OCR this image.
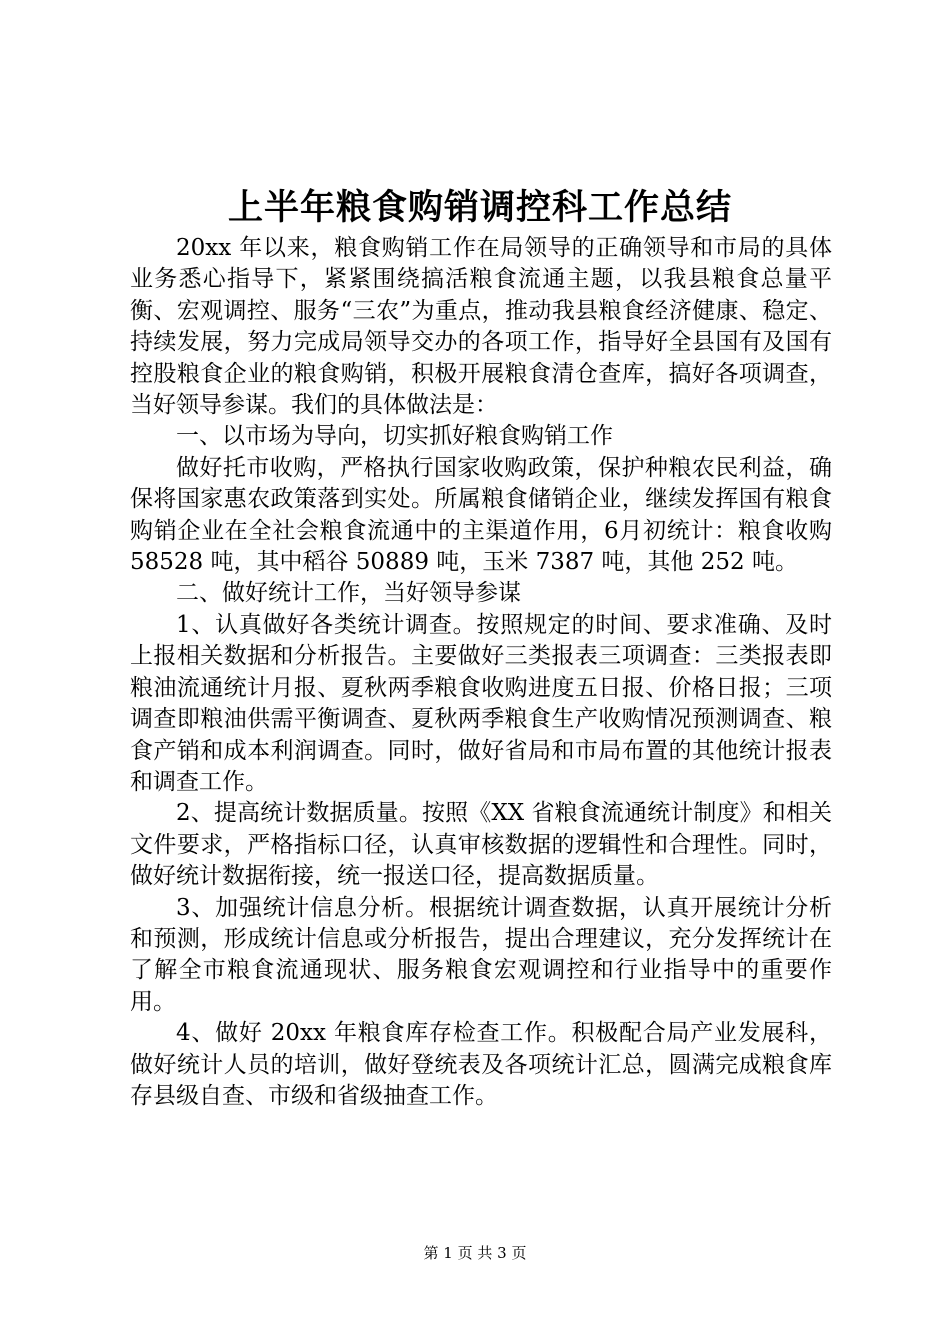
上半年粮食购销调控科工作总结

20xx 年以来，粮食购销工作在局领导的正确领导和市局的具体业务悉心指导下，紧紧围绕搞活粮食流通主题，以我县粮食总量平衡、宏观调控、服务“三农”为重点，推动我县粮食经济健康、稳定、持续发展，努力完成局领导交办的各项工作，指导好全县国有及国有控股粮食企业的粮食购销，积极开展粮食清仓查库，搞好各项调查，当好领导参谋。我们的具体做法是：

一、以市场为导向，切实抓好粮食购销工作

做好托市收购，严格执行国家收购政策，保护种粮农民利益，确保将国家惠农政策落到实处。所属粮食储销企业，继续发挥国有粮食购销企业在全社会粮食流通中的主渠道作用，6月初统计：粮食收购 58528 吨，其中稻谷 50889 吨，玉米 7387 吨，其他 252 吨。

二、做好统计工作，当好领导参谋

1、认真做好各类统计调查。按照规定的时间、要求准确、及时上报相关数据和分析报告。主要做好三类报表三项调查：三类报表即粮油流通统计月报、夏秋两季粮食收购进度五日报、价格日报；三项调查即粮油供需平衡调查、夏秋两季粮食生产收购情况预测调查、粮食产销和成本利润调查。同时，做好省局和市局布置的其他统计报表和调查工作。

2、提高统计数据质量。按照《XX 省粮食流通统计制度》和相关文件要求，严格指标口径，认真审核数据的逻辑性和合理性。同时，做好统计数据衔接，统一报送口径，提高数据质量。

3、加强统计信息分析。根据统计调查数据，认真开展统计分析和预测，形成统计信息或分析报告，提出合理建议，充分发挥统计在了解全市粮食流通现状、服务粮食宏观调控和行业指导中的重要作用。

4、做好 20xx 年粮食库存检查工作。积极配合局产业发展科，做好统计人员的培训，做好登统表及各项统计汇总，圆满完成粮食库存县级自查、市级和省级抽查工作。

第 1 页 共 3 页
